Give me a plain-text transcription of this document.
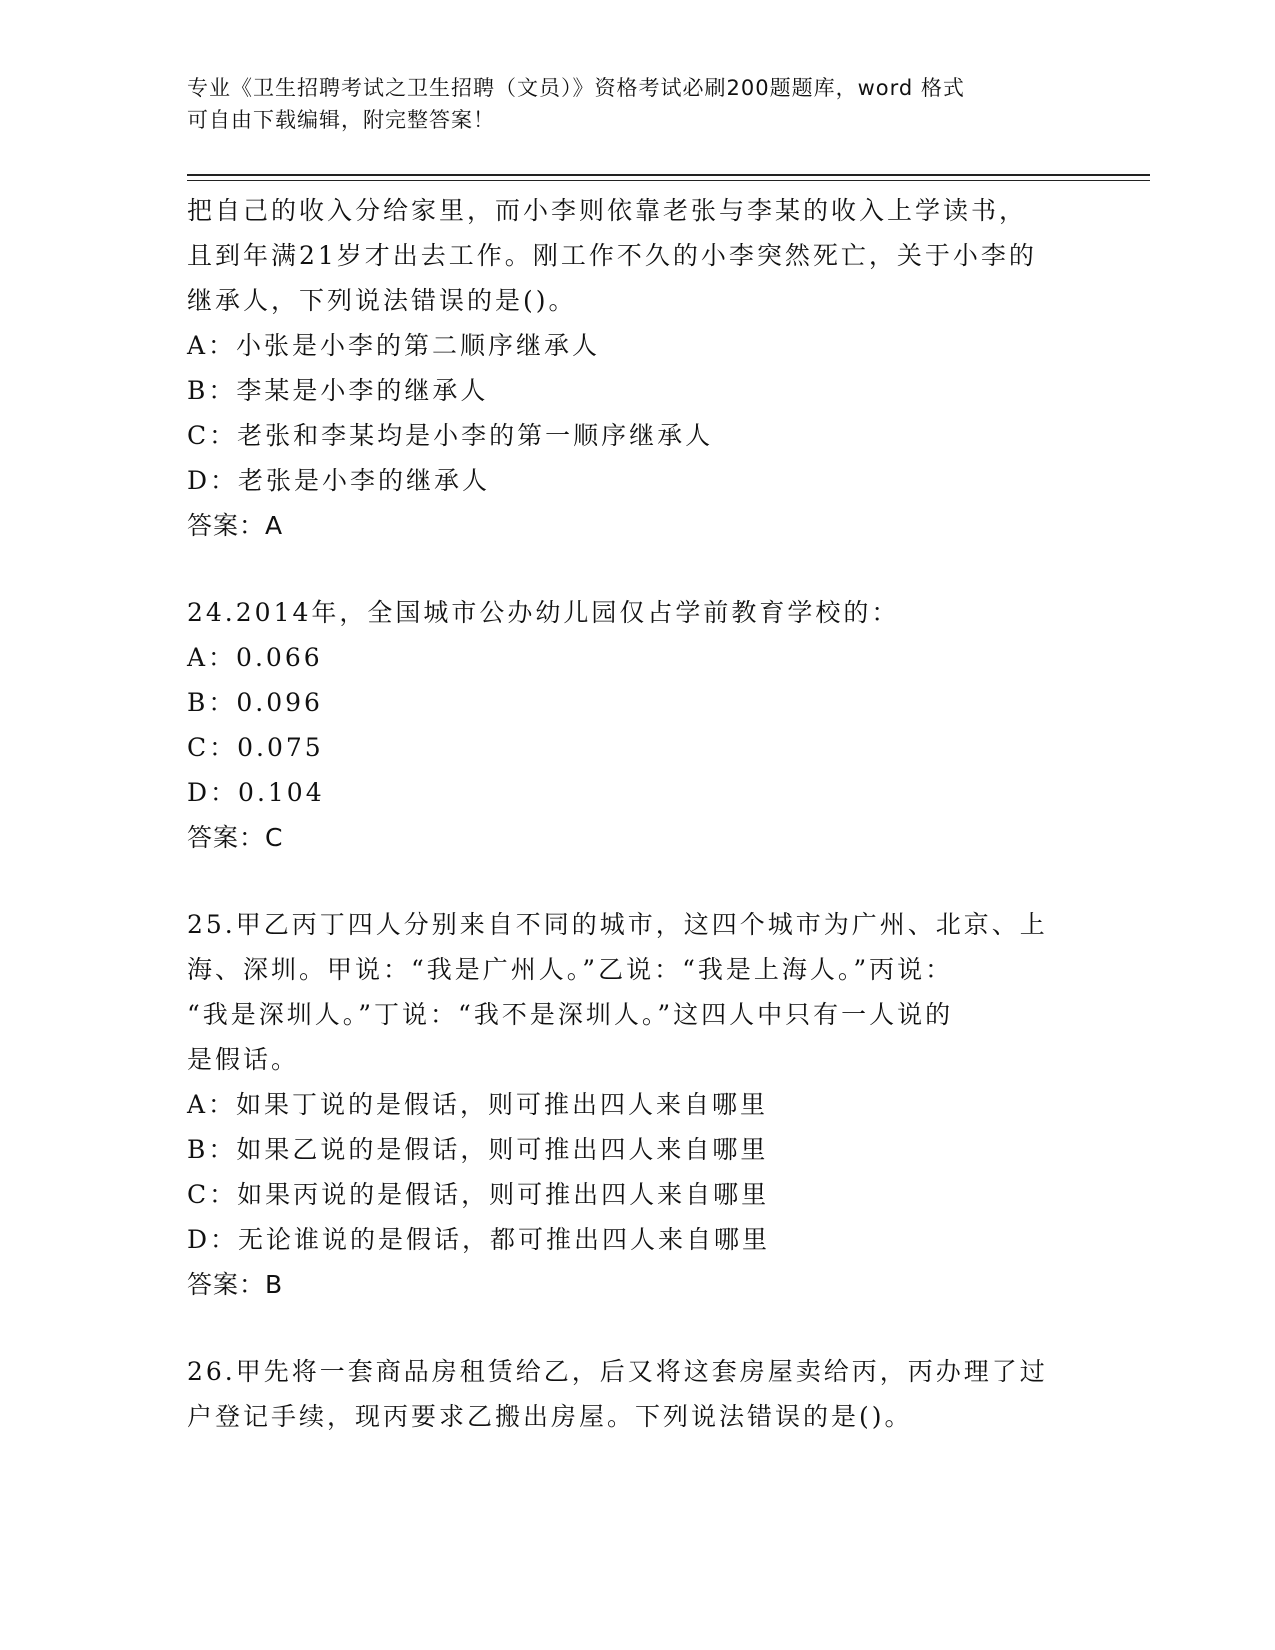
专业《卫生招聘考试之卫生招聘（文员）》资格考试必刷200题题库，word 格式
可自由下载编辑，附完整答案！
把自己的收入分给家里，而小李则依靠老张与李某的收入上学读书，
且到年满21岁才出去工作。刚工作不久的小李突然死亡，关于小李的
继承人，下列说法错误的是()。
A：小张是小李的第二顺序继承人
B：李某是小李的继承人
C：老张和李某均是小李的第一顺序继承人
D：老张是小李的继承人
答案：A
24.2014年，全国城市公办幼儿园仅占学前教育学校的：
A：0.066
B：0.096
C：0.075
D：0.104
答案：C
25.甲乙丙丁四人分别来自不同的城市，这四个城市为广州、北京、上
海、深圳。甲说：“我是广州人。”乙说：“我是上海人。”丙说：
“我是深圳人。”丁说：“我不是深圳人。”这四人中只有一人说的
是假话。
A：如果丁说的是假话，则可推出四人来自哪里
B：如果乙说的是假话，则可推出四人来自哪里
C：如果丙说的是假话，则可推出四人来自哪里
D：无论谁说的是假话，都可推出四人来自哪里
答案：B
26.甲先将一套商品房租赁给乙，后又将这套房屋卖给丙，丙办理了过
户登记手续，现丙要求乙搬出房屋。下列说法错误的是()。
